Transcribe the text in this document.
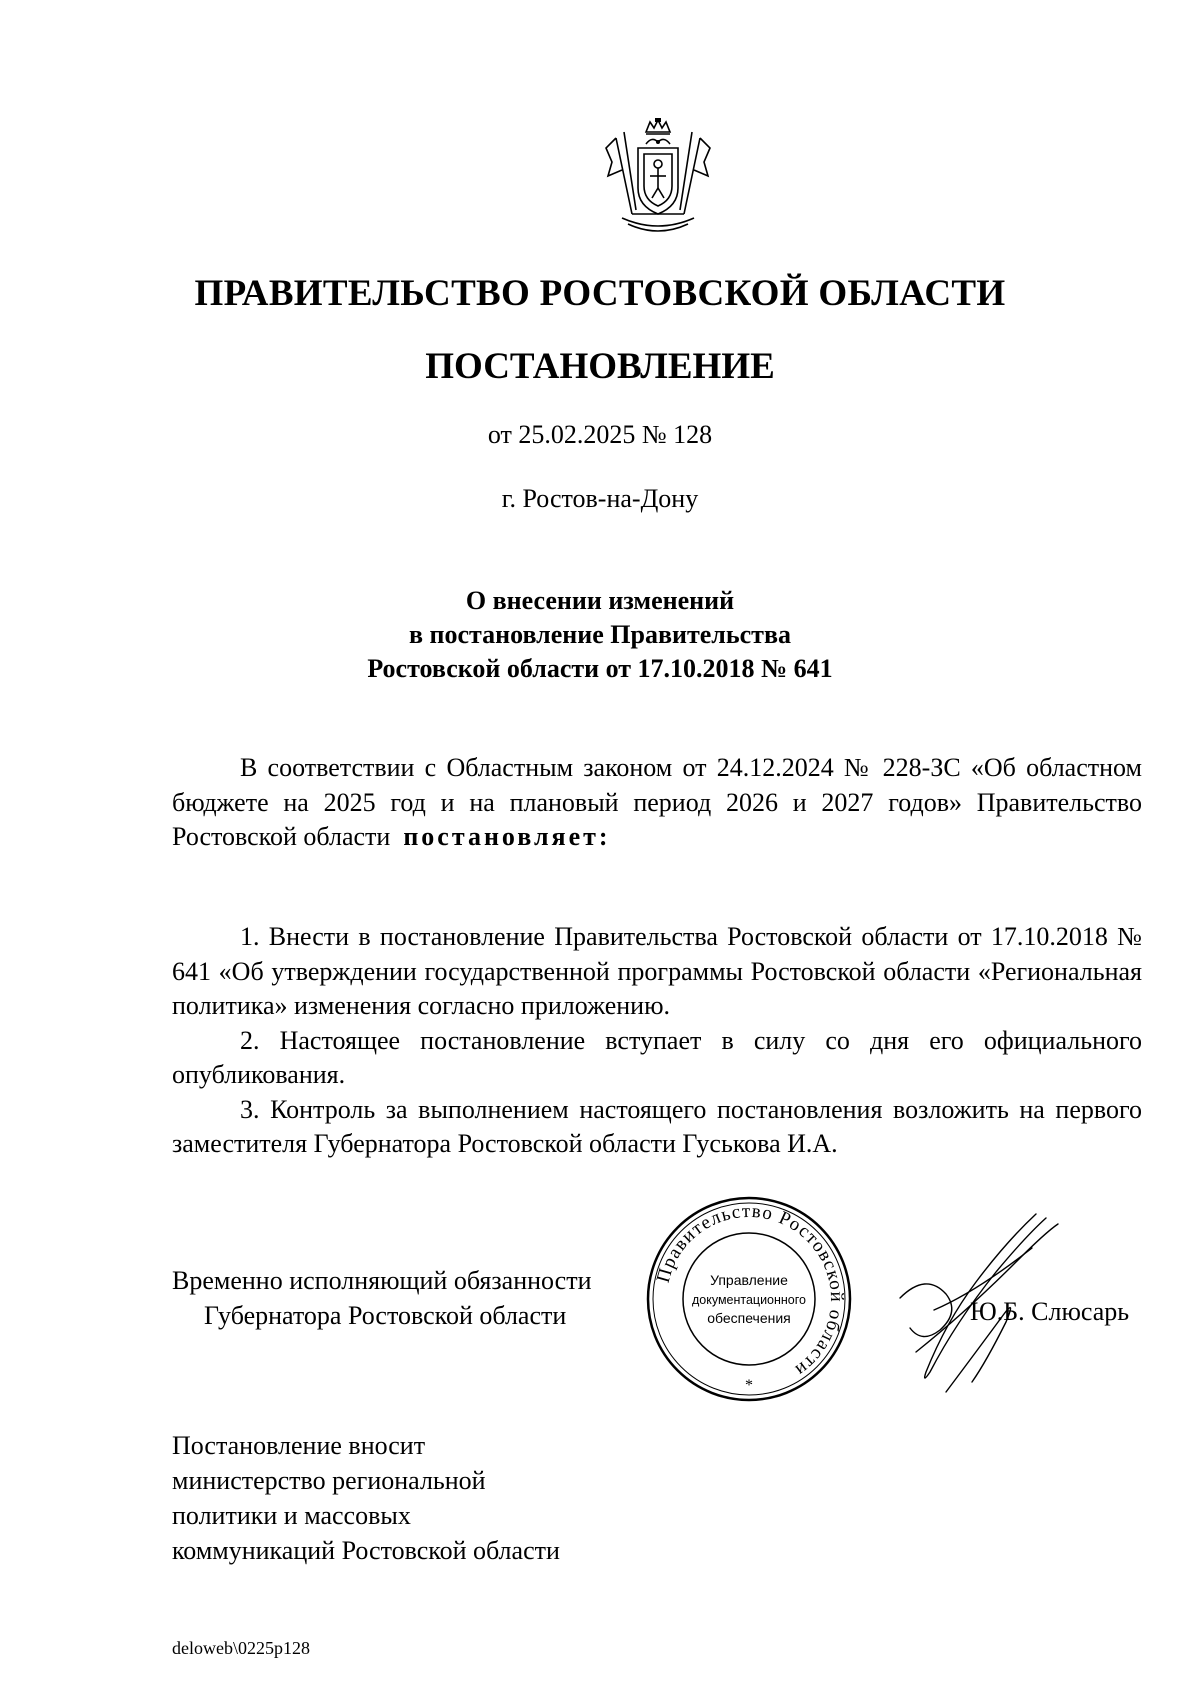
ПРАВИТЕЛЬСТВО РОСТОВСКОЙ ОБЛАСТИ
ПОСТАНОВЛЕНИЕ
от 25.02.2025 № 128
г. Ростов-на-Дону
О внесении изменений
в постановление Правительства
Ростовской области от 17.10.2018 № 641

В соответствии с Областным законом от 24.12.2024 № 228-ЗС «Об областном бюджете на 2025 год и на плановый период 2026 и 2027 годов» Правительство Ростовской области постановляет:

1. Внести в постановление Правительства Ростовской области от 17.10.2018 № 641 «Об утверждении государственной программы Ростовской области «Региональная политика» изменения согласно приложению.

2. Настоящее постановление вступает в силу со дня его официального опубликования.

3. Контроль за выполнением настоящего постановления возложить на первого заместителя Губернатора Ростовской области Гуськова И.А.

Временно исполняющий обязанности
Губернатора Ростовской области
Правительство Ростовской области
Управление
документационного
обеспечения
*
Ю.Б. Слюсарь
Постановление вносит
министерство региональной
политики и массовых
коммуникаций Ростовской области
deloweb\0225p128
